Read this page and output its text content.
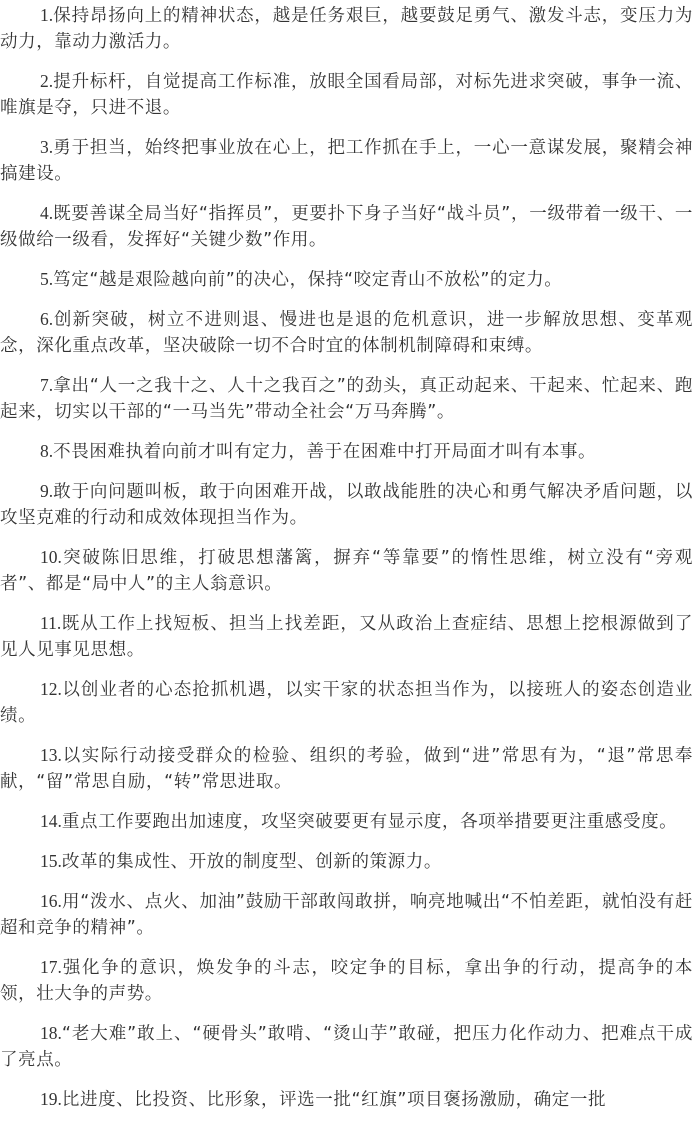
1.保持昂扬向上的精神状态，越是任务艰巨，越要鼓足勇气、激发斗志，变压力为动力，靠动力激活力。

2.提升标杆，自觉提高工作标准，放眼全国看局部，对标先进求突破，事争一流、唯旗是夺，只进不退。

3.勇于担当，始终把事业放在心上，把工作抓在手上，一心一意谋发展，聚精会神搞建设。

4.既要善谋全局当好“指挥员”，更要扑下身子当好“战斗员”，一级带着一级干、一级做给一级看，发挥好“关键少数”作用。

5.笃定“越是艰险越向前”的决心，保持“咬定青山不放松”的定力。

6.创新突破，树立不进则退、慢进也是退的危机意识，进一步解放思想、变革观念，深化重点改革，坚决破除一切不合时宜的体制机制障碍和束缚。

7.拿出“人一之我十之、人十之我百之”的劲头，真正动起来、干起来、忙起来、跑起来，切实以干部的“一马当先”带动全社会“万马奔腾”。

8.不畏困难执着向前才叫有定力，善于在困难中打开局面才叫有本事。

9.敢于向问题叫板，敢于向困难开战，以敢战能胜的决心和勇气解决矛盾问题，以攻坚克难的行动和成效体现担当作为。

10.突破陈旧思维，打破思想藩篱，摒弃“等靠要”的惰性思维，树立没有“旁观者”、都是“局中人”的主人翁意识。

11.既从工作上找短板、担当上找差距，又从政治上查症结、思想上挖根源做到了见人见事见思想。

12.以创业者的心态抢抓机遇，以实干家的状态担当作为，以接班人的姿态创造业绩。

13.以实际行动接受群众的检验、组织的考验，做到“进”常思有为，“退”常思奉献，“留”常思自励，“转”常思进取。

14.重点工作要跑出加速度，攻坚突破要更有显示度，各项举措要更注重感受度。

15.改革的集成性、开放的制度型、创新的策源力。

16.用“泼水、点火、加油”鼓励干部敢闯敢拼，响亮地喊出“不怕差距，就怕没有赶超和竞争的精神”。

17.强化争的意识，焕发争的斗志，咬定争的目标，拿出争的行动，提高争的本领，壮大争的声势。

18.“老大难”敢上、“硬骨头”敢啃、“烫山芋”敢碰，把压力化作动力、把难点干成了亮点。

19.比进度、比投资、比形象，评选一批“红旗”项目褒扬激励，确定一批
